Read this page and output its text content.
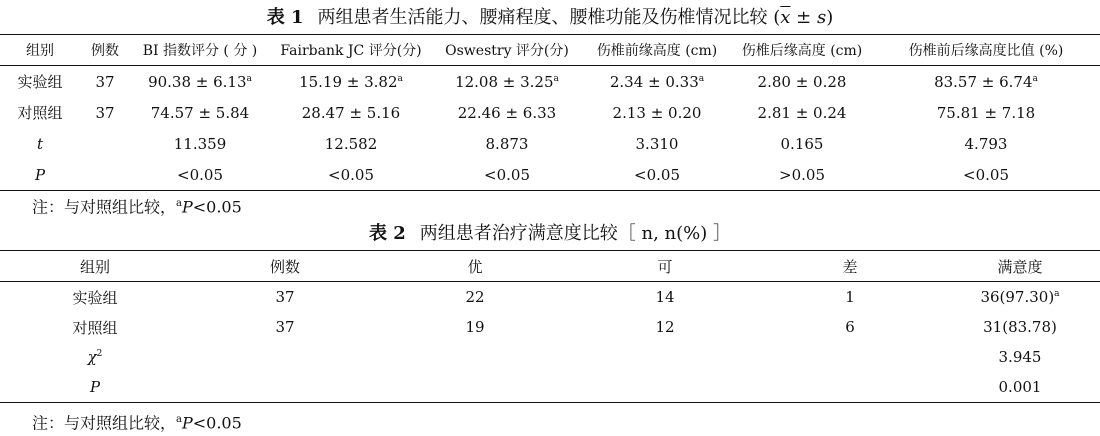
表 1 两组患者生活能力、腰痛程度、腰椎功能及伤椎情况比较 $(\overline{x} \pm s)$
组别	例数	BI 指数评分 ( 分 )	Fairbank JC 评分(分)	Oswestry 评分(分)	伤椎前缘高度 (cm)	伤椎后缘高度 (cm)	伤椎前后缘高度比值 (%)
实验组	37	90.38 ± 6.13$^a$	15.19 ± 3.82$^a$	12.08 ± 3.25$^a$	2.34 ± 0.33$^a$	2.80 ± 0.28	83.57 ± 6.74$^a$
对照组	37	74.57 ± 5.84	28.47 ± 5.16	22.46 ± 6.33	2.13 ± 0.20	2.81 ± 0.24	75.81 ± 7.18
t		11.359	12.582	8.873	3.310	0.165	4.793
P		<0.05	<0.05	<0.05	<0.05	>0.05	<0.05
注：与对照组比较，$^a$P<0.05
表 2 两组患者治疗满意度比较［ n, n(%) ］
组别	例数	优	可	差	满意度
实验组	37	22	14	1	$36(97.30)^a$
对照组	37	19	12	6	31(83.78)
$\chi^2$					3.945
P					0.001
注：与对照组比较，$^a$P<0.05
